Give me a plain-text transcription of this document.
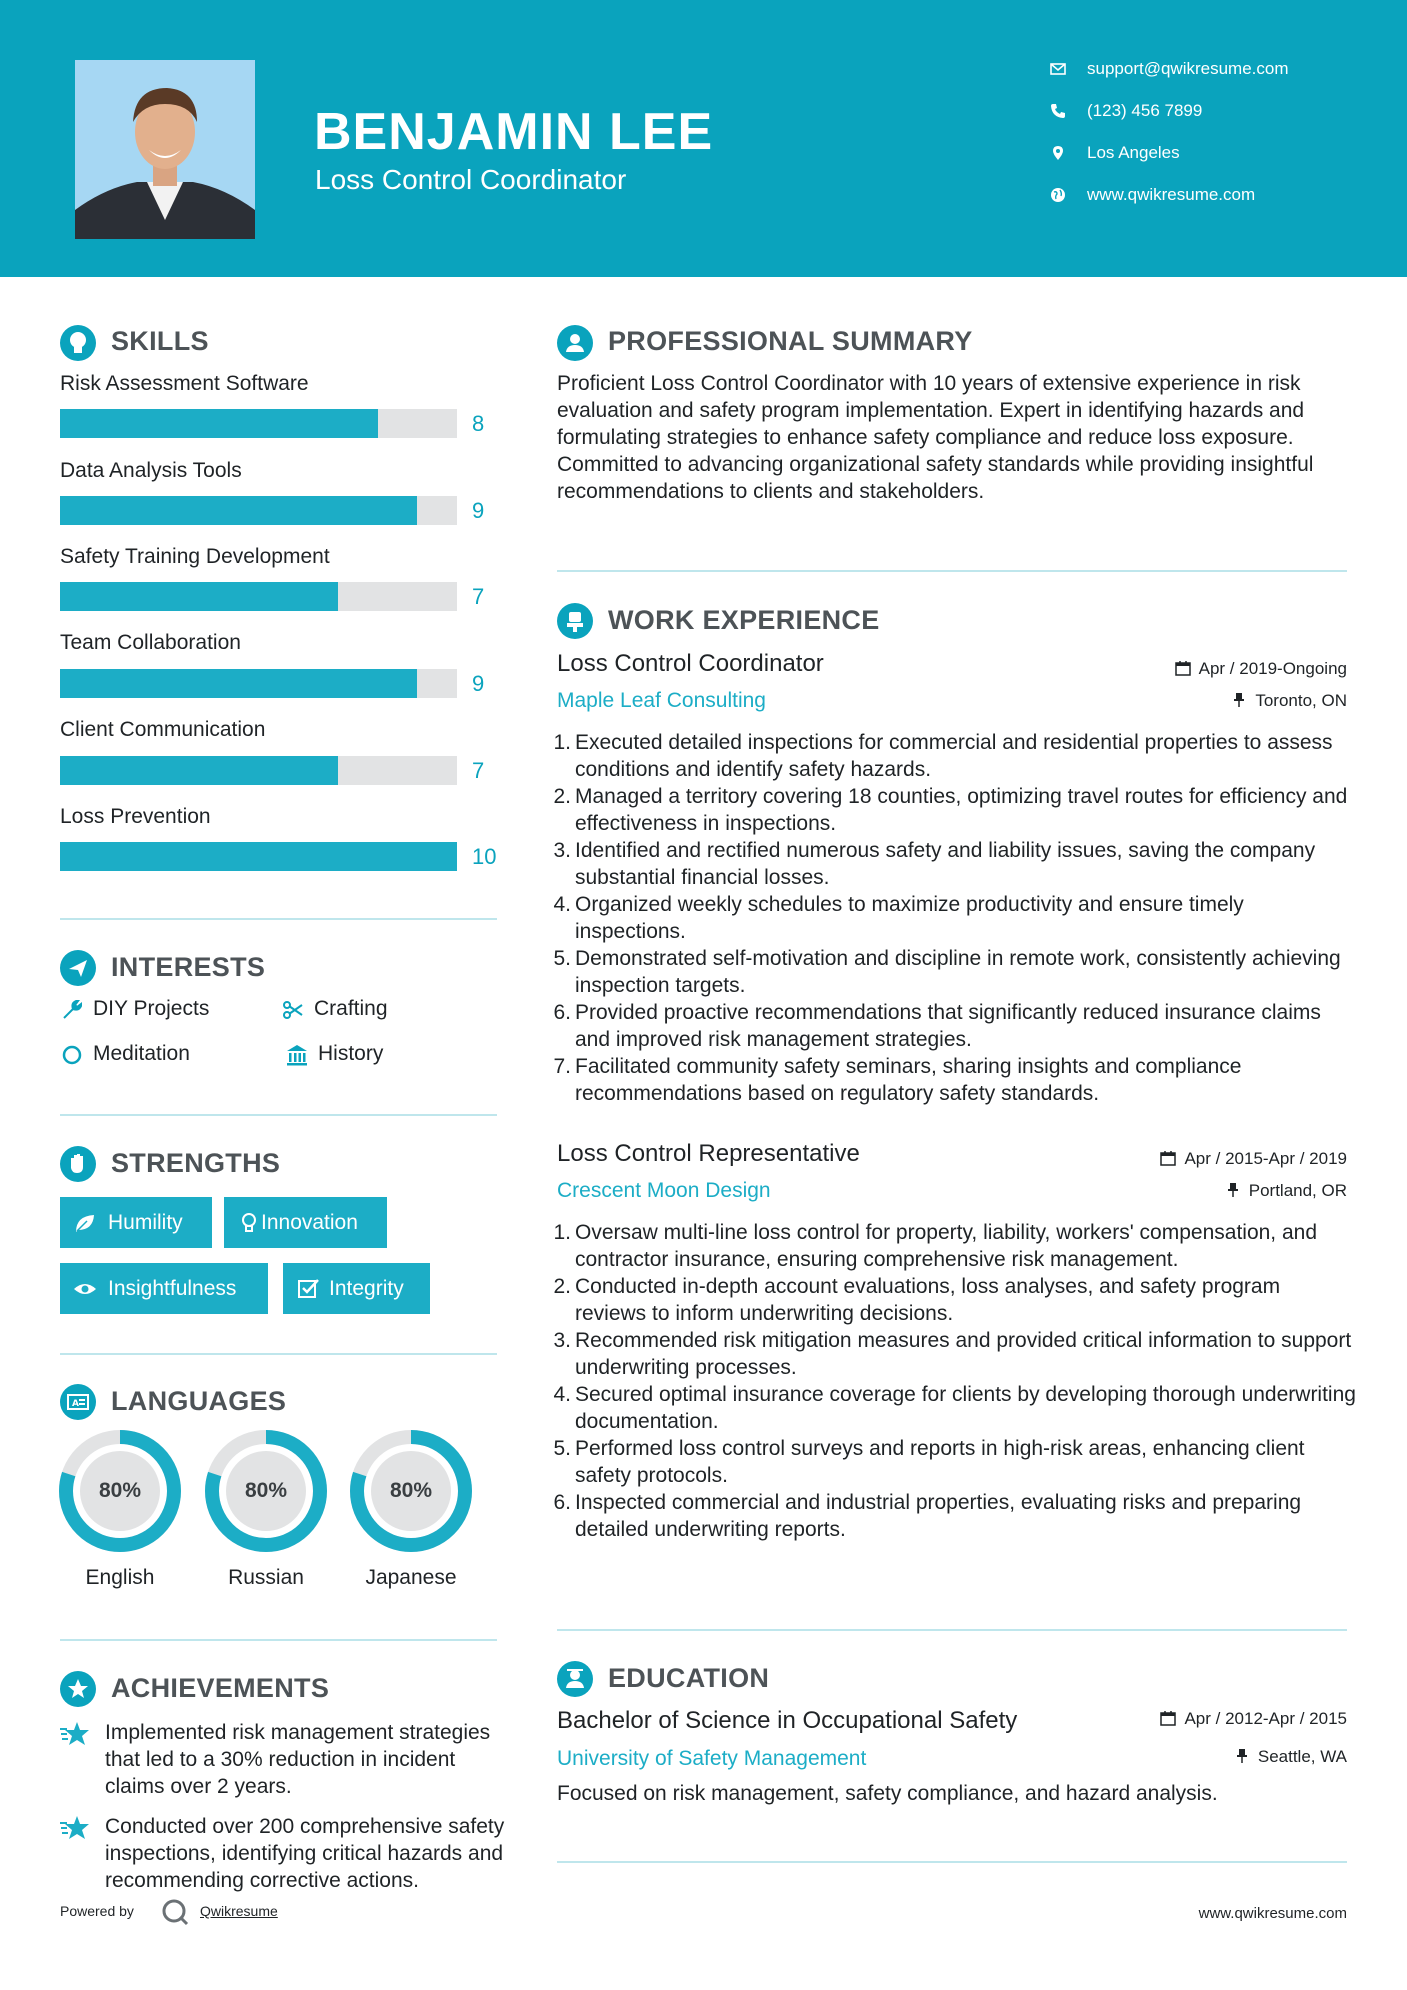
BENJAMIN LEE
Loss Control Coordinator
support@qwikresume.com
(123) 456 7899
Los Angeles
www.qwikresume.com
SKILLS
Risk Assessment Software
8
Data Analysis Tools
9
Safety Training Development
7
Team Collaboration
9
Client Communication
7
Loss Prevention
10
INTERESTS
DIY Projects	Crafting
Meditation	History
STRENGTHS
Humility	Innovation
Insightfulness	Integrity
A LANGUAGES
80%
English
80%
Russian
80%
Japanese
ACHIEVEMENTS
Implemented risk management strategies that led to a 30% reduction in incident claims over 2 years.
Conducted over 200 comprehensive safety inspections, identifying critical hazards and recommending corrective actions.
PROFESSIONAL SUMMARY
Proficient Loss Control Coordinator with 10 years of extensive experience in risk evaluation and safety program implementation. Expert in identifying hazards and formulating strategies to enhance safety compliance and reduce loss exposure. Committed to advancing organizational safety standards while providing insightful recommendations to clients and stakeholders.
WORK EXPERIENCE
Loss Control Coordinator
Maple Leaf Consulting
Apr / 2019-Ongoing
Toronto, ON
1. Executed detailed inspections for commercial and residential properties to assess conditions and identify safety hazards.
2. Managed a territory covering 18 counties, optimizing travel routes for efficiency and effectiveness in inspections.
3. Identified and rectified numerous safety and liability issues, saving the company substantial financial losses.
4. Organized weekly schedules to maximize productivity and ensure timely inspections.
5. Demonstrated self-motivation and discipline in remote work, consistently achieving inspection targets.
6. Provided proactive recommendations that significantly reduced insurance claims and improved risk management strategies.
7. Facilitated community safety seminars, sharing insights and compliance recommendations based on regulatory safety standards.
Loss Control Representative
Crescent Moon Design
Apr / 2015-Apr / 2019
Portland, OR
1. Oversaw multi-line loss control for property, liability, workers' compensation, and contractor insurance, ensuring comprehensive risk management.
2. Conducted in-depth account evaluations, loss analyses, and safety program reviews to inform underwriting decisions.
3. Recommended risk mitigation measures and provided critical information to support underwriting processes.
4. Secured optimal insurance coverage for clients by developing thorough underwriting documentation.
5. Performed loss control surveys and reports in high-risk areas, enhancing client safety protocols.
6. Inspected commercial and industrial properties, evaluating risks and preparing detailed underwriting reports.
EDUCATION
Bachelor of Science in Occupational Safety
University of Safety Management
Apr / 2012-Apr / 2015
Seattle, WA
Focused on risk management, safety compliance, and hazard analysis.
Powered by	Qwikresume	www.qwikresume.com
